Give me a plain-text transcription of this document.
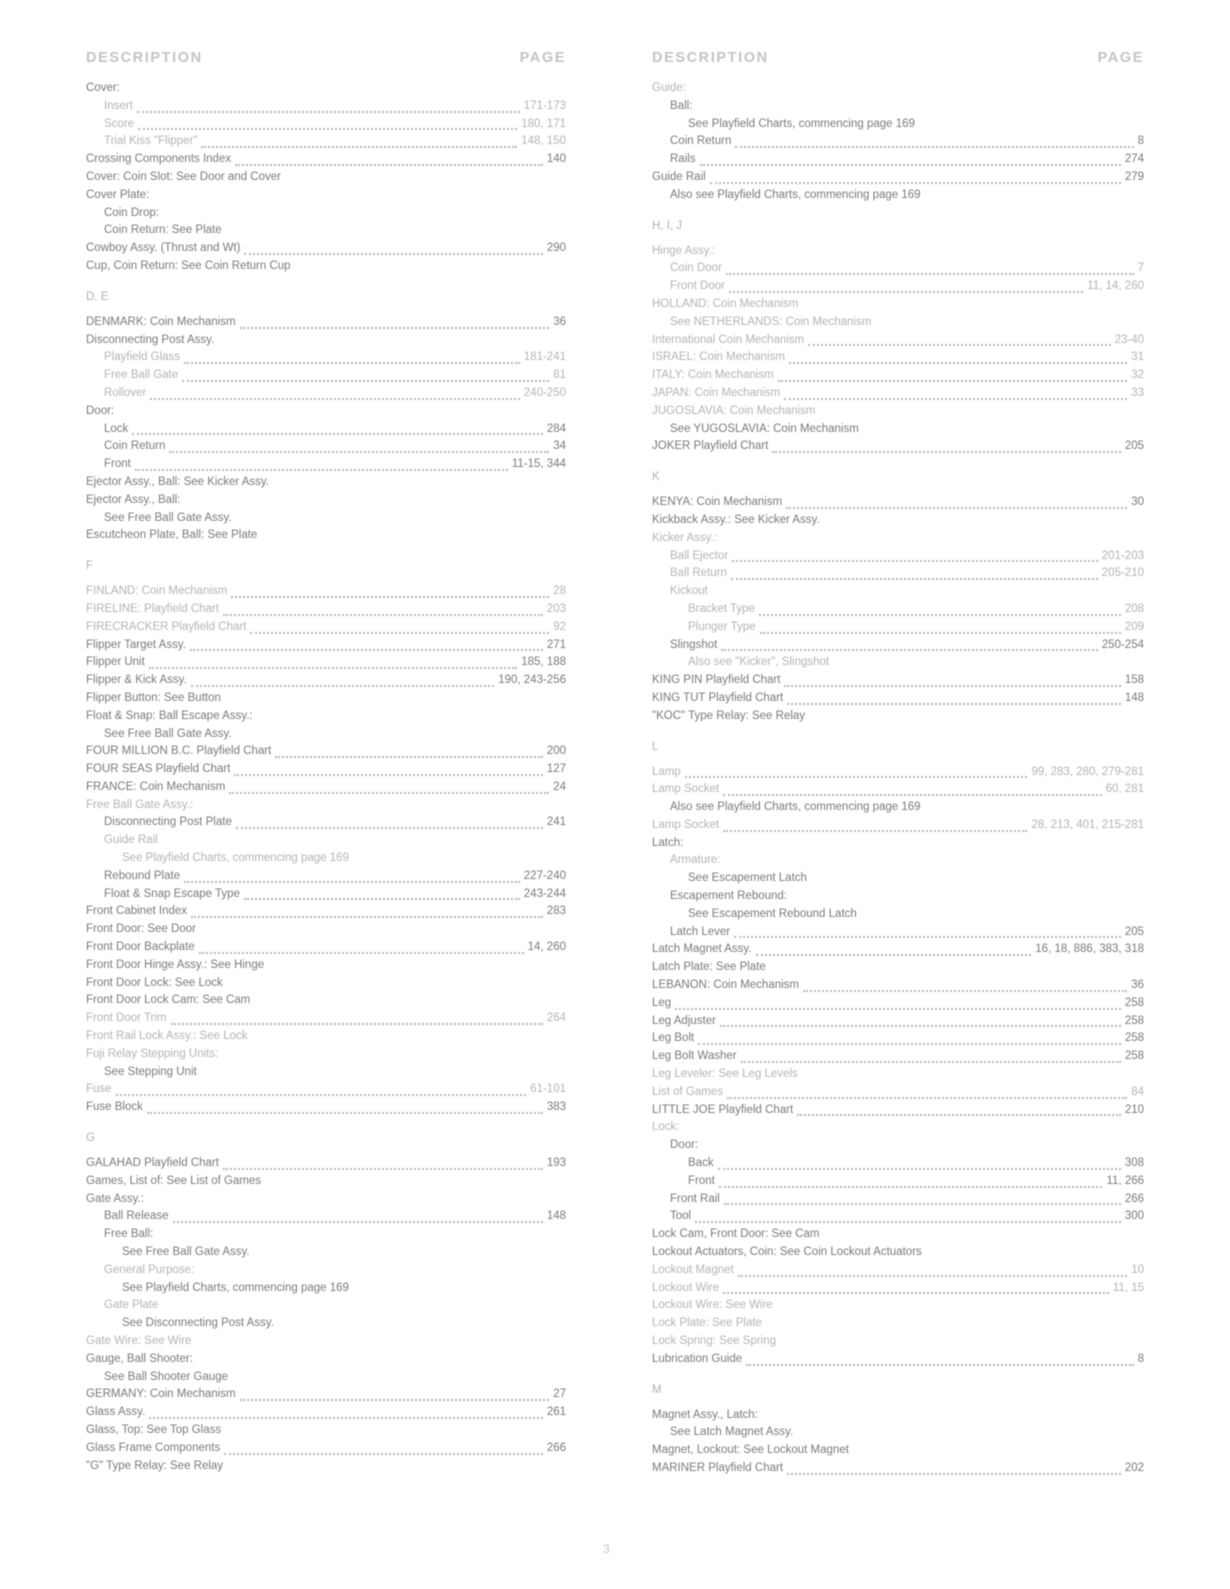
DESCRIPTION	PAGE
Cover:
Insert	171-173
Score	180, 171
Trial Kiss "Flipper"	148, 150
Crossing Components Index	140
Cover: Coin Slot: See Door and Cover
Cover Plate:
Coin Drop:
Coin Return: See Plate
Cowboy Assy. (Thrust and Wt)	290
Cup, Coin Return: See Coin Return Cup
D, E
DENMARK: Coin Mechanism	36
Disconnecting Post Assy.
Playfield Glass	181-241
Free Ball Gate	81
Rollover	240-250
Door:
Lock	284
Coin Return	34
Front	11-15, 344
Ejector Assy., Ball: See Kicker Assy.
Ejector Assy., Ball:
See Free Ball Gate Assy.
Escutcheon Plate, Ball: See Plate
F
FINLAND: Coin Mechanism	28
FIRELINE: Playfield Chart	203
FIRECRACKER Playfield Chart	92
Flipper Target Assy.	271
Flipper Unit	185, 188
Flipper & Kick Assy.	190, 243-256
Flipper Button: See Button
Float & Snap: Ball Escape Assy.:
See Free Ball Gate Assy.
FOUR MILLION B.C. Playfield Chart	200
FOUR SEAS Playfield Chart	127
FRANCE: Coin Mechanism	24
Free Ball Gate Assy.:
Disconnecting Post Plate	241
Guide Rail
See Playfield Charts, commencing page 169
Rebound Plate	227-240
Float & Snap Escape Type	243-244
Front Cabinet Index	283
Front Door: See Door
Front Door Backplate	14, 260
Front Door Hinge Assy.: See Hinge
Front Door Lock: See Lock
Front Door Lock Cam: See Cam
Front Door Trim	264
Front Rail Lock Assy.: See Lock
Fuji Relay Stepping Units:
See Stepping Unit
Fuse	61-101
Fuse Block	383
G
GALAHAD Playfield Chart	193
Games, List of: See List of Games
Gate Assy.:
Ball Release	148
Free Ball:
See Free Ball Gate Assy.
General Purpose:
See Playfield Charts, commencing page 169
Gate Plate
See Disconnecting Post Assy.
Gate Wire: See Wire
Gauge, Ball Shooter:
See Ball Shooter Gauge
GERMANY: Coin Mechanism	27
Glass Assy.	261
Glass, Top: See Top Glass
Glass Frame Components	266
"G" Type Relay: See Relay
DESCRIPTION	PAGE
Guide:
Ball:
See Playfield Charts, commencing page 169
Coin Return	8
Rails	274
Guide Rail	279
Also see Playfield Charts, commencing page 169
H, I, J
Hinge Assy.:
Coin Door	7
Front Door	11, 14, 260
HOLLAND: Coin Mechanism
See NETHERLANDS: Coin Mechanism
International Coin Mechanism	23-40
ISRAEL: Coin Mechanism	31
ITALY: Coin Mechanism	32
JAPAN: Coin Mechanism	33
JUGOSLAVIA: Coin Mechanism
See YUGOSLAVIA: Coin Mechanism
JOKER Playfield Chart	205
K
KENYA: Coin Mechanism	30
Kickback Assy.: See Kicker Assy.
Kicker Assy.:
Ball Ejector	201-203
Ball Return	205-210
Kickout
Bracket Type	208
Plunger Type	209
Slingshot	250-254
Also see "Kicker", Slingshot
KING PIN Playfield Chart	158
KING TUT Playfield Chart	148
"KOC" Type Relay: See Relay
L
Lamp	99, 283, 280, 279-281
Lamp Socket	60, 281
Also see Playfield Charts, commencing page 169
Lamp Socket	28, 213, 401, 215-281
Latch:
Armature:
See Escapement Latch
Escapement Rebound:
See Escapement Rebound Latch
Latch Lever	205
Latch Magnet Assy.	16, 18, 886, 383, 318
Latch Plate: See Plate
LEBANON: Coin Mechanism	36
Leg	258
Leg Adjuster	258
Leg Bolt	258
Leg Bolt Washer	258
Leg Leveler: See Leg Levels
List of Games	84
LITTLE JOE Playfield Chart	210
Lock:
Door:
Back	308
Front	11, 266
Front Rail	266
Tool	300
Lock Cam, Front Door: See Cam
Lockout Actuators, Coin: See Coin Lockout Actuators
Lockout Magnet	10
Lockout Wire	11, 15
Lockout Wire: See Wire
Lock Plate: See Plate
Lock Spring: See Spring
Lubrication Guide	8
M
Magnet Assy., Latch:
See Latch Magnet Assy.
Magnet, Lockout: See Lockout Magnet
MARINER Playfield Chart	202
3
